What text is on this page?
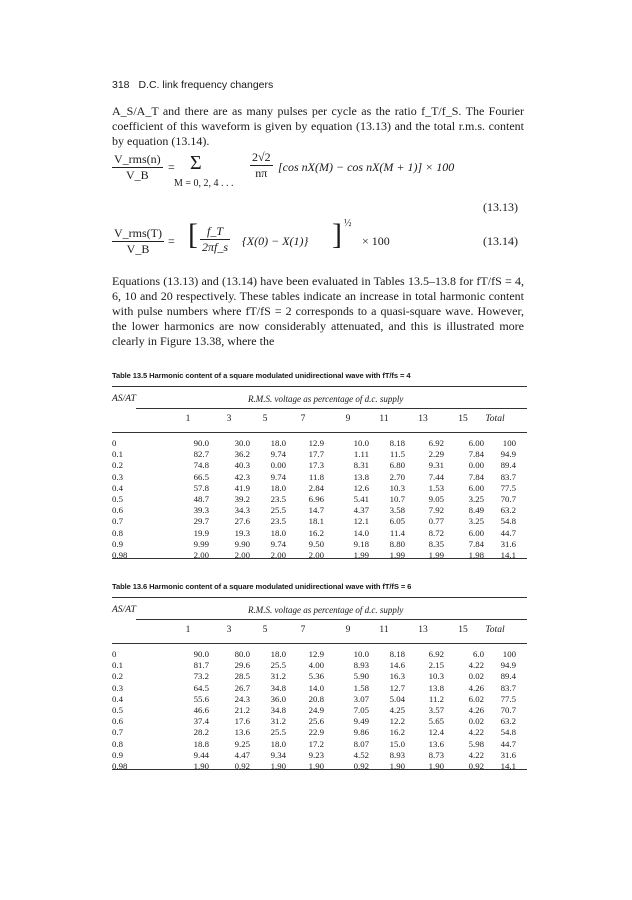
318 D.C. link frequency changers
A_S/A_T and there are as many pulses per cycle as the ratio f_T/f_S. The Fourier coefficient of this waveform is given by equation (13.13) and the total r.m.s. content by equation (13.14).
V_rms(n)
V_B
= Σ
M = 0, 2, 4 . . .
$\frac{2√2}{n\pi} [\cos$ nX(M) − cos nX(M + 1)] × 100
(13.13)
V_rms(T)
V_B
= [ $\frac{f\_T}{2\pi f\_s} \{X(0) - X(1)\}$ ] ½
× 100	(13.14)
Equations (13.13) and (13.14) have been evaluated in Tables 13.5–13.8 for fT/fS = 4, 6, 10 and 20 respectively. These tables indicate an increase in total harmonic content with pulse numbers where fT/fS = 2 corresponds to a quasi-square wave. However, the lower harmonics are now considerably attenuated, and this is illustrated more clearly in Figure 13.38, where the
Table 13.5 Harmonic content of a square modulated unidirectional wave with fT/fs = 4
AS/AT	R.M.S. voltage as percentage of d.c. supply
1	3	5	7	9	11	13	15	Total
0	90.0	30.0	18.0	12.9	10.0	8.18	6.92	6.00	100
0.1	82.7	36.2	9.74	17.7	1.11	11.5	2.29	7.84	94.9
0.2	74.8	40.3	0.00	17.3	8.31	6.80	9.31	0.00	89.4
0.3	66.5	42.3	9.74	11.8	13.8	2.70	7.44	7.84	83.7
0.4	57.8	41.9	18.0	2.84	12.6	10.3	1.53	6.00	77.5
0.5	48.7	39.2	23.5	6.96	5.41	10.7	9.05	3.25	70.7
0.6	39.3	34.3	25.5	14.7	4.37	3.58	7.92	8.49	63.2
0.7	29.7	27.6	23.5	18.1	12.1	6.05	0.77	3.25	54.8
0.8	19.9	19.3	18.0	16.2	14.0	11.4	8.72	6.00	44.7
0.9	9.99	9.90	9.74	9.50	9.18	8.80	8.35	7.84	31.6
0.98	2.00	2.00	2.00	2.00	1.99	1.99	1.99	1.98	14.1
Table 13.6 Harmonic content of a square modulated unidirectional wave with fT/fS = 6
AS/AT	R.M.S. voltage as percentage of d.c. supply
1	3	5	7	9	11	13	15	Total
0	90.0	80.0	18.0	12.9	10.0	8.18	6.92	6.0	100
0.1	81.7	29.6	25.5	4.00	8.93	14.6	2.15	4.22	94.9
0.2	73.2	28.5	31.2	5.36	5.90	16.3	10.3	0.02	89.4
0.3	64.5	26.7	34.8	14.0	1.58	12.7	13.8	4.26	83.7
0.4	55.6	24.3	36.0	20.8	3.07	5.04	11.2	6.02	77.5
0.5	46.6	21.2	34.8	24.9	7.05	4.25	3.57	4.26	70.7
0.6	37.4	17.6	31.2	25.6	9.49	12.2	5.65	0.02	63.2
0.7	28.2	13.6	25.5	22.9	9.86	16.2	12.4	4.22	54.8
0.8	18.8	9.25	18.0	17.2	8.07	15.0	13.6	5.98	44.7
0.9	9.44	4.47	9.34	9.23	4.52	8.93	8.73	4.22	31.6
0.98	1.90	0.92	1.90	1.90	0.92	1.90	1.90	0.92	14.1
